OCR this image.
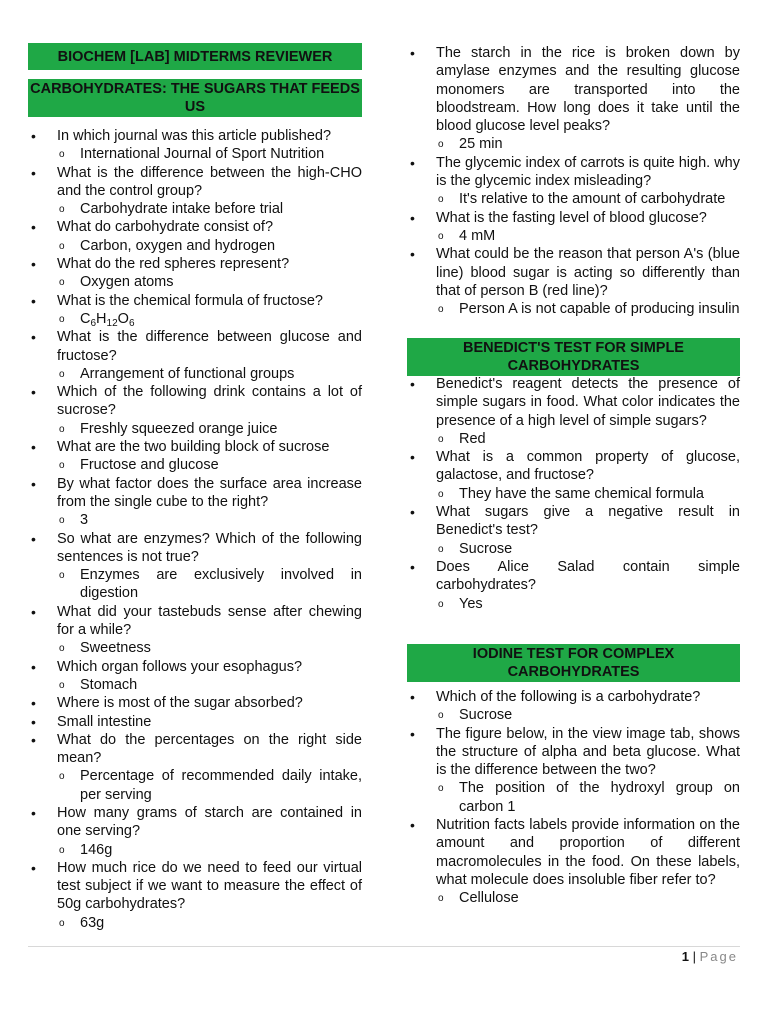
BIOCHEM [LAB] MIDTERMS REVIEWER
CARBOHYDRATES: THE SUGARS THAT FEEDS US
• In which journal was this article published?
o International Journal of Sport Nutrition
• What is the difference between the high-CHO and the control group?
o Carbohydrate intake before trial
• What do carbohydrate consist of?
o Carbon, oxygen and hydrogen
• What do the red spheres represent?
o Oxygen atoms
• What is the chemical formula of fructose?
o $C_6H_{12}O_6$
• What is the difference between glucose and fructose?
o Arrangement of functional groups
• Which of the following drink contains a lot of sucrose?
o Freshly squeezed orange juice
• What are the two building block of sucrose
o Fructose and glucose
• By what factor does the surface area increase from the single cube to the right?
o 3
• So what are enzymes? Which of the following sentences is not true?
o Enzymes are exclusively involved in digestion
• What did your tastebuds sense after chewing for a while?
o Sweetness
• Which organ follows your esophagus?
o Stomach
• Where is most of the sugar absorbed?
• Small intestine
• What do the percentages on the right side mean?
o Percentage of recommended daily intake, per serving
• How many grams of starch are contained in one serving?
o 146g
• How much rice do we need to feed our virtual test subject if we want to measure the effect of 50g carbohydrates?
o 63g
• The starch in the rice is broken down by amylase enzymes and the resulting glucose monomers are transported into the bloodstream. How long does it take until the blood glucose level peaks?
o 25 min
• The glycemic index of carrots is quite high. why is the glycemic index misleading?
o It's relative to the amount of carbohydrate
• What is the fasting level of blood glucose?
o 4 mM
• What could be the reason that person A's (blue line) blood sugar is acting so differently than that of person B (red line)?
o Person A is not capable of producing insulin
BENEDICT'S TEST FOR SIMPLE CARBOHYDRATES
• Benedict's reagent detects the presence of simple sugars in food. What color indicates the presence of a high level of simple sugars?
o Red
• What is a common property of glucose, galactose, and fructose?
o They have the same chemical formula
• What sugars give a negative result in Benedict's test?
o Sucrose
• Does Alice Salad contain simple carbohydrates?
o Yes
IODINE TEST FOR COMPLEX CARBOHYDRATES
• Which of the following is a carbohydrate?
o Sucrose
• The figure below, in the view image tab, shows the structure of alpha and beta glucose. What is the difference between the two?
o The position of the hydroxyl group on carbon 1
• Nutrition facts labels provide information on the amount and proportion of different macromolecules in the food. On these labels, what molecule does insoluble fiber refer to?
o Cellulose
1 | Page
